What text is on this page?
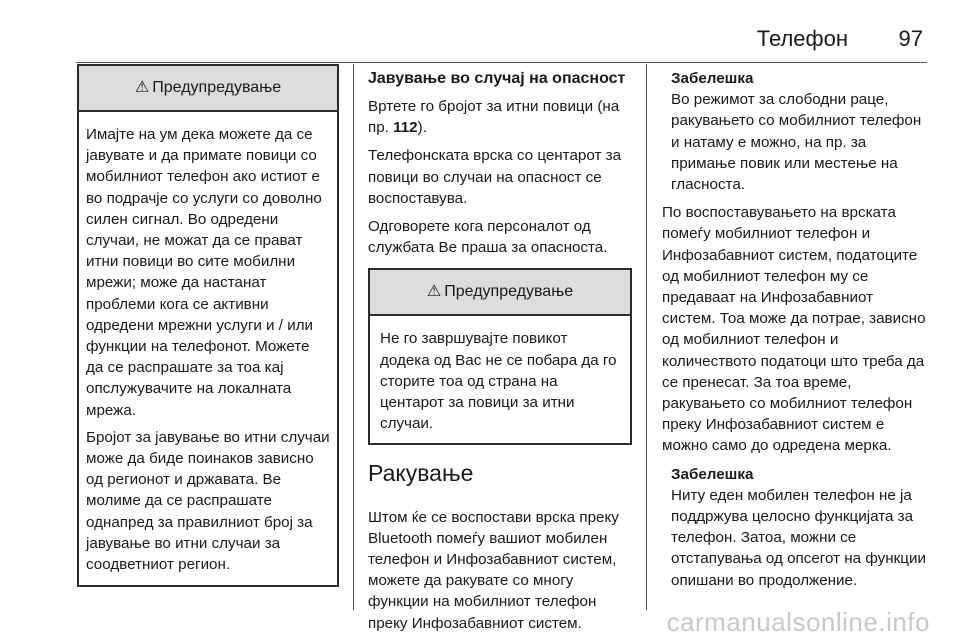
Телефон 97
⚠ Предупредување

Имајте на ум дека можете да се јавувате и да примате повици со мобилниот телефон ако истиот е во подрачје со услуги со доволно силен сигнал. Во одредени случаи, не можат да се прават итни повици во сите мобилни мрежи; може да настанат проблеми кога се активни одредени мрежни услуги и / или функции на телефонот. Можете да се распрашате за тоа кај опслужувачите на локалната мрежа.

Бројот за јавување во итни случаи може да биде поинаков зависно од регионот и државата. Ве молиме да се распрашате однапред за правилниот број за јавување во итни случаи за соодветниот регион.

Јавување во случај на опасност

Вртете го бројот за итни повици (на пр. 112).

Телефонската врска со центарот за повици во случаи на опасност се воспоставува.

Одговорете кога персоналот од службата Ве праша за опасноста.

⚠ Предупредување

Не го завршувајте повикот додека од Вас не се побара да го сторите тоа од страна на центарот за повици за итни случаи.

Ракување

Штом ќе се воспостави врска преку Bluetooth помеѓу вашиот мобилен телефон и Инфозабавниот систем, можете да ракувате со многу функции на мобилниот телефон преку Инфозабавниот систем.

Забелешка

Во режимот за слободни раце, ракувањето со мобилниот телефон и натаму е можно, на пр. за примање повик или местење на гласноста.

По воспоставувањето на врската помеѓу мобилниот телефон и Инфозабавниот систем, податоците од мобилниот телефон му се предаваат на Инфозабавниот систем. Тоа може да потрае, зависно од мобилниот телефон и количеството податоци што треба да се пренесат. За тоа време, ракувањето со мобилниот телефон преку Инфозабавниот систем е можно само до одредена мерка.

Забелешка

Ниту еден мобилен телефон не ја поддржува целосно функцијата за телефон. Затоа, можни се отстапувања од опсегот на функции опишани во продолжение.

carmanualsonline.info
